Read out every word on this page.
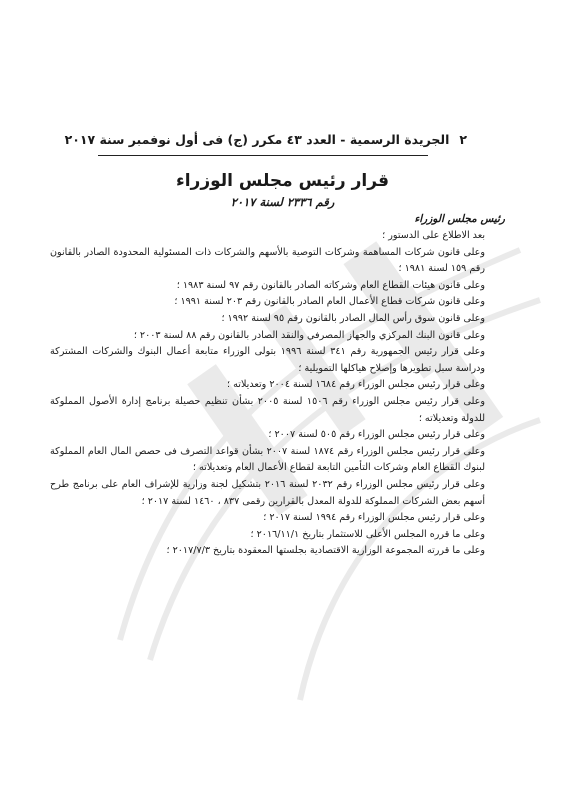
٢
الجريدة الرسمية - العدد ٤٣ مكرر (ج) فى أول نوفمبر سنة ٢٠١٧
قرار رئيس مجلس الوزراء
رقم ٢٣٣٦ لسنة ٢٠١٧

رئيس مجلس الوزراء

بعد الاطلاع على الدستور ؛

وعلى قانون شركات المساهمة وشركات التوصية بالأسهم والشركات ذات المسئولية المحدودة الصادر بالقانون رقم ١٥٩ لسنة ١٩٨١ ؛

وعلى قانون هيئات القطاع العام وشركاته الصادر بالقانون رقم ٩٧ لسنة ١٩٨٣ ؛

وعلى قانون شركات قطاع الأعمال العام الصادر بالقانون رقم ٢٠٣ لسنة ١٩٩١ ؛

وعلى قانون سوق رأس المال الصادر بالقانون رقم ٩٥ لسنة ١٩٩٢ ؛

وعلى قانون البنك المركزي والجهاز المصرفي والنقد الصادر بالقانون رقم ٨٨ لسنة ٢٠٠٣ ؛

وعلى قرار رئيس الجمهورية رقم ٣٤١ لسنة ١٩٩٦ بتولى الوزراء متابعة أعمال البنوك والشركات المشتركة ودراسة سبل تطويرها وإصلاح هياكلها التمويلية ؛

وعلى قرار رئيس مجلس الوزراء رقم ١٦٨٤ لسنة ٢٠٠٤ وتعديلاته ؛

وعلى قرار رئيس مجلس الوزراء رقم ١٥٠٦ لسنة ٢٠٠٥ بشأن تنظيم حصيلة برنامج إدارة الأصول المملوكة للدولة وتعديلاته ؛

وعلى قرار رئيس مجلس الوزراء رقم ٥٠٥ لسنة ٢٠٠٧ ؛

وعلى قرار رئيس مجلس الوزراء رقم ١٨٧٤ لسنة ٢٠٠٧ بشأن قواعد التصرف فى حصص المال العام المملوكة لبنوك القطاع العام وشركات التأمين التابعة لقطاع الأعمال العام وتعديلاته ؛

وعلى قرار رئيس مجلس الوزراء رقم ٢٠٣٢ لسنة ٢٠١٦ بتشكيل لجنة وزارية للإشراف العام على برنامج طرح أسهم بعض الشركات المملوكة للدولة المعدل بالقرارين رقمى ٨٣٧ ، ١٤٦٠ لسنة ٢٠١٧ ؛

وعلى قرار رئيس مجلس الوزراء رقم ١٩٩٤ لسنة ٢٠١٧ ؛

وعلى ما قرره المجلس الأعلى للاستثمار بتاريخ ٢٠١٦/١١/١ ؛

وعلى ما قررته المجموعة الوزارية الاقتصادية بجلستها المعقودة بتاريخ ٢٠١٧/٧/٣ ؛
